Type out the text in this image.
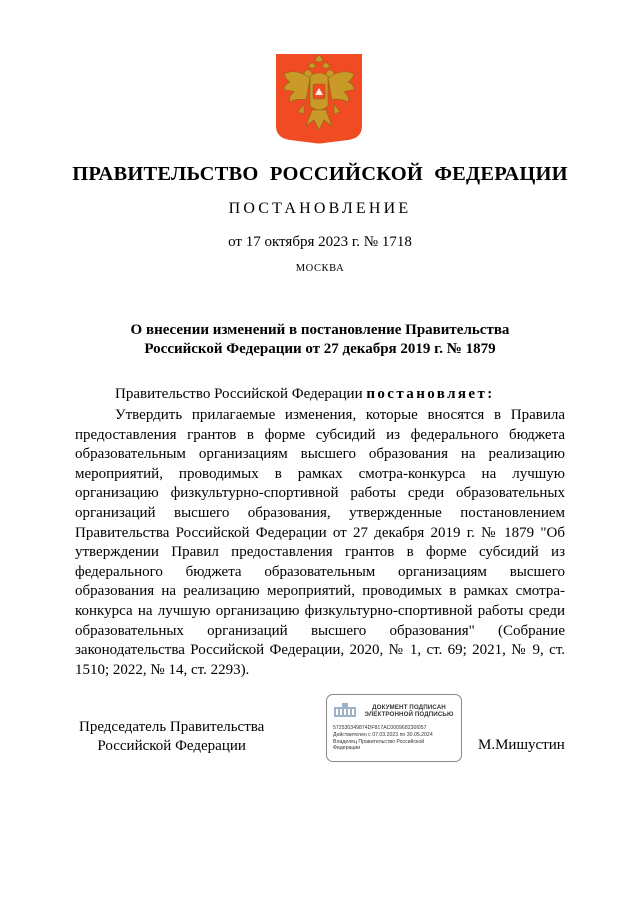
ПРАВИТЕЛЬСТВО РОССИЙСКОЙ ФЕДЕРАЦИИ
ПОСТАНОВЛЕНИЕ
от 17 октября 2023 г. № 1718
МОСКВА
О внесении изменений в постановление Правительства
Российской Федерации от 27 декабря 2019 г. № 1879
Правительство Российской Федерации постановляет:

Утвердить прилагаемые изменения, которые вносятся в Правила предоставления грантов в форме субсидий из федерального бюджета образовательным организациям высшего образования на реализацию мероприятий, проводимых в рамках смотра-конкурса на лучшую организацию физкультурно-спортивной работы среди образовательных организаций высшего образования, утвержденные постановлением Правительства Российской Федерации от 27 декабря 2019 г. № 1879 "Об утверждении Правил предоставления грантов в форме субсидий из федерального бюджета образовательным организациям высшего образования на реализацию мероприятий, проводимых в рамках смотра-конкурса на лучшую организацию физкультурно-спортивной работы среди образовательных организаций высшего образования" (Собрание законодательства Российской Федерации, 2020, № 1, ст. 69; 2021, № 9, ст. 1510; 2022, № 14, ст. 2293).

Председатель Правительства
Российской Федерации
ДОКУМЕНТ ПОДПИСАН
ЭЛЕКТРОННОЙ ПОДПИСЬЮ
572530349874DF817AC000968230I057
Действителен с 07.03.2023 по 30.05.2024
Владелец Правительство Российской
Федерации	М.Мишустин
